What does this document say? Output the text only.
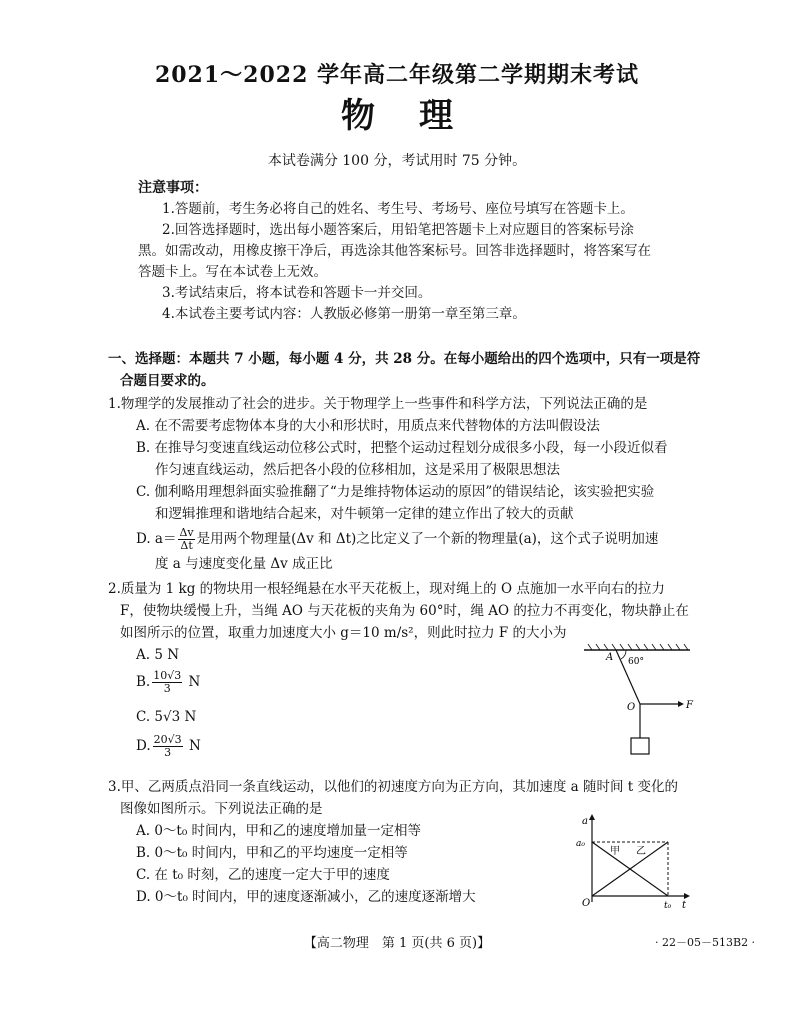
2021～2022 学年高二年级第二学期期末考试
物理
本试卷满分 100 分，考试用时 75 分钟。
注意事项：
1.答题前，考生务必将自己的姓名、考生号、考场号、座位号填写在答题卡上。
2.回答选择题时，选出每小题答案后，用铅笔把答题卡上对应题目的答案标号涂
黑。如需改动，用橡皮擦干净后，再选涂其他答案标号。回答非选择题时，将答案写在
答题卡上。写在本试卷上无效。
3.考试结束后，将本试卷和答题卡一并交回。
4.本试卷主要考试内容：人教版必修第一册第一章至第三章。
一、选择题：本题共 7 小题，每小题 4 分，共 28 分。在每小题给出的四个选项中，只有一项是符
合题目要求的。
1.物理学的发展推动了社会的进步。关于物理学上一些事件和科学方法，下列说法正确的是
A. 在不需要考虑物体本身的大小和形状时，用质点来代替物体的方法叫假设法
B. 在推导匀变速直线运动位移公式时，把整个运动过程划分成很多小段，每一小段近似看
作匀速直线运动，然后把各小段的位移相加，这是采用了极限思想法
C. 伽利略用理想斜面实验推翻了“力是维持物体运动的原因”的错误结论，该实验把实验
和逻辑推理和谐地结合起来，对牛顿第一定律的建立作出了较大的贡献
D. $a= \frac{\Delta v}{\Delta t}$ 是用两个物理量(Δv 和 Δt)之比定义了一个新的物理量(a)，这个式子说明加速
度 a 与速度变化量 Δv 成正比
2.质量为 1 kg 的物块用一根轻绳悬在水平天花板上，现对绳上的 O 点施加一水平向右的拉力
F，使物块缓慢上升，当绳 AO 与天花板的夹角为 60°时，绳 AO 的拉力不再变化，物块静止在
如图所示的位置，取重力加速度大小 g＝10 m/s²，则此时拉力 F 的大小为
A. 5 N
B. $\frac{10√3}{3}$ N
C. 5√3 N
D. $\frac{20√3}{3}$ N
A 60°
O	F
3.甲、乙两质点沿同一条直线运动，以他们的初速度方向为正方向，其加速度 a 随时间 t 变化的
图像如图所示。下列说法正确的是
A. 0～t₀ 时间内，甲和乙的速度增加量一定相等
B. 0～t₀ 时间内，甲和乙的平均速度一定相等
C. 在 t₀ 时刻，乙的速度一定大于甲的速度
D. 0～t₀ 时间内，甲的速度逐渐减小，乙的速度逐渐增大
a
t
a₀
O	t₀
甲 乙
【高二物理　第 1 页(共 6 页)】	· 22－05－513B2 ·
